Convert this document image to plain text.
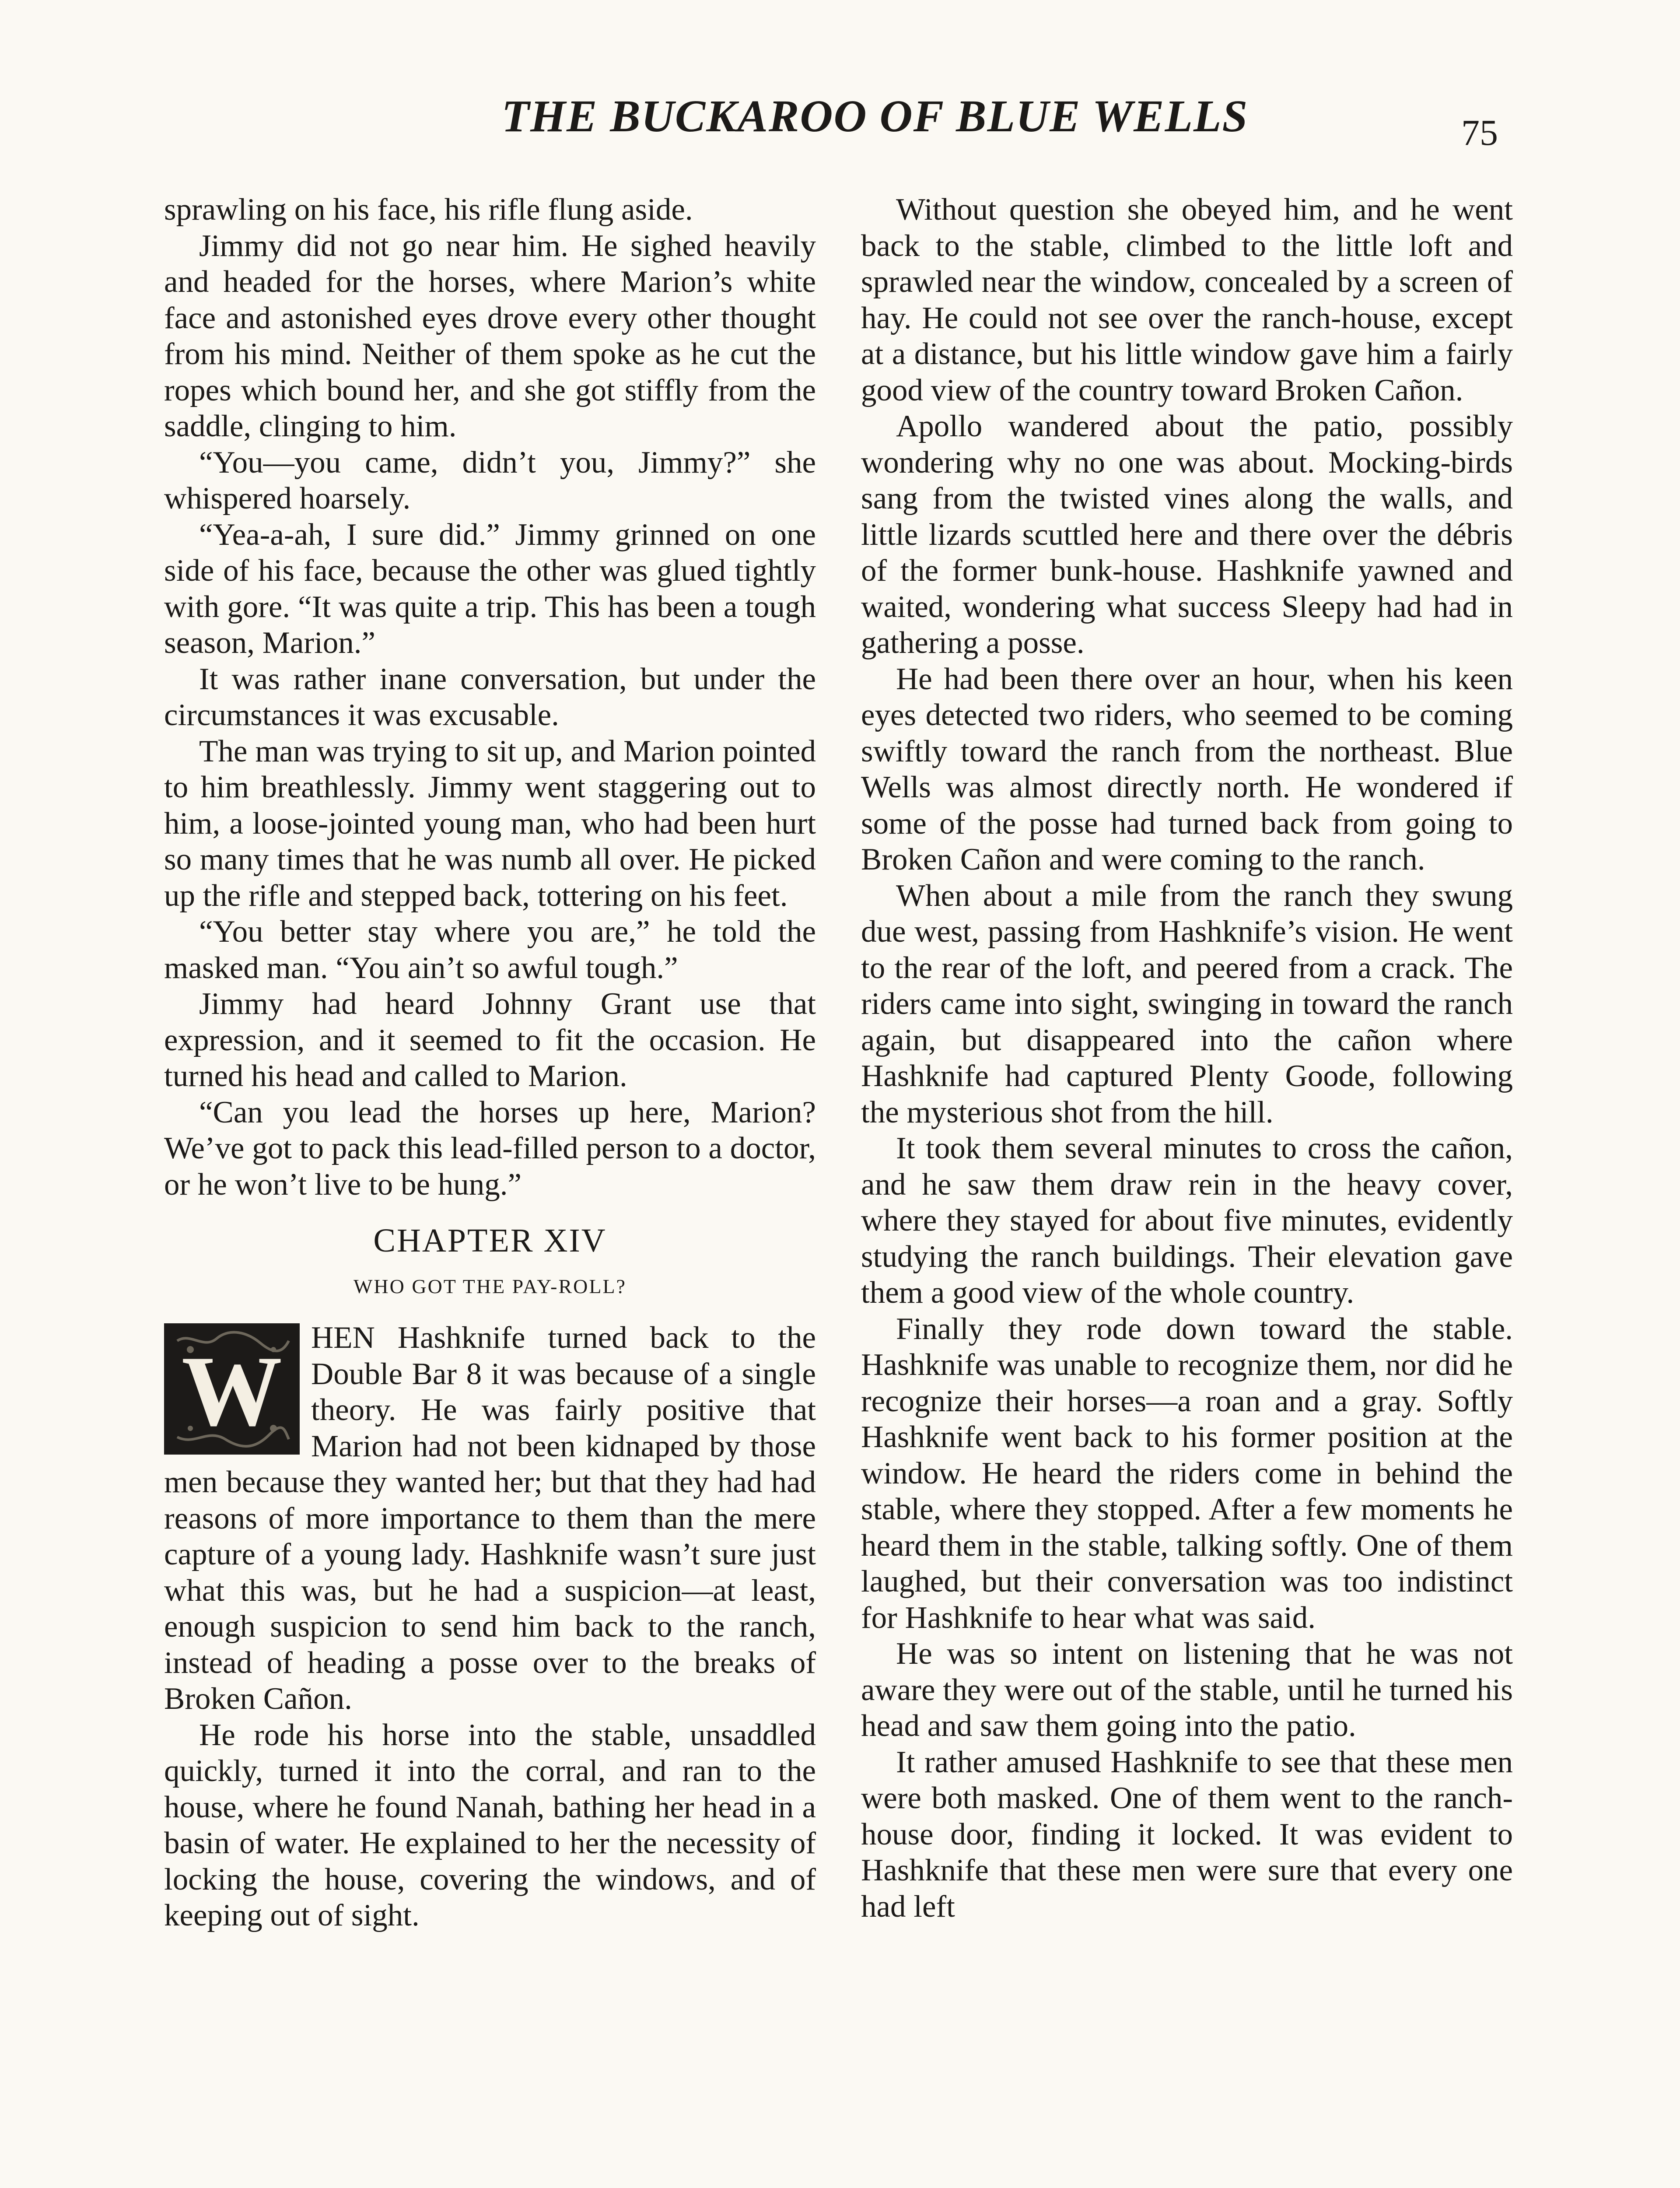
THE BUCKAROO OF BLUE WELLS	75

sprawling on his face, his rifle flung aside.

Jimmy did not go near him. He sighed heavily and headed for the horses, where Marion’s white face and astonished eyes drove every other thought from his mind. Neither of them spoke as he cut the ropes which bound her, and she got stiffly from the saddle, clinging to him.

“You—you came, didn’t you, Jimmy?” she whispered hoarsely.

“Yea-a-ah, I sure did.” Jimmy grinned on one side of his face, because the other was glued tightly with gore. “It was quite a trip. This has been a tough season, Marion.”

It was rather inane conversation, but under the circumstances it was excusable.

The man was trying to sit up, and Marion pointed to him breathlessly. Jimmy went staggering out to him, a loose-jointed young man, who had been hurt so many times that he was numb all over. He picked up the rifle and stepped back, tottering on his feet.

“You better stay where you are,” he told the masked man. “You ain’t so awful tough.”

Jimmy had heard Johnny Grant use that expression, and it seemed to fit the occasion. He turned his head and called to Marion.

“Can you lead the horses up here, Marion? We’ve got to pack this lead-filled person to a doctor, or he won’t live to be hung.”

CHAPTER XIV
WHO GOT THE PAY-ROLL?
W HEN Hashknife turned back to the Double Bar 8 it was because of a single theory. He was fairly positive that Marion had not been kidnaped by those men because they wanted her; but that they had had reasons of more importance to them than the mere capture of a young lady. Hashknife wasn’t sure just what this was, but he had a suspicion—at least, enough suspicion to send him back to the ranch, instead of heading a posse over to the breaks of Broken Cañon.

He rode his horse into the stable, unsaddled quickly, turned it into the corral, and ran to the house, where he found Nanah, bathing her head in a basin of water. He explained to her the necessity of locking the house, covering the windows, and of keeping out of sight.

Without question she obeyed him, and he went back to the stable, climbed to the little loft and sprawled near the window, concealed by a screen of hay. He could not see over the ranch-house, except at a distance, but his little window gave him a fairly good view of the country toward Broken Cañon.

Apollo wandered about the patio, possibly wondering why no one was about. Mocking-birds sang from the twisted vines along the walls, and little lizards scuttled here and there over the débris of the former bunk-house. Hashknife yawned and waited, wondering what success Sleepy had had in gathering a posse.

He had been there over an hour, when his keen eyes detected two riders, who seemed to be coming swiftly toward the ranch from the northeast. Blue Wells was almost directly north. He wondered if some of the posse had turned back from going to Broken Cañon and were coming to the ranch.

When about a mile from the ranch they swung due west, passing from Hashknife’s vision. He went to the rear of the loft, and peered from a crack. The riders came into sight, swinging in toward the ranch again, but disappeared into the cañon where Hashknife had captured Plenty Goode, following the mysterious shot from the hill.

It took them several minutes to cross the cañon, and he saw them draw rein in the heavy cover, where they stayed for about five minutes, evidently studying the ranch buildings. Their elevation gave them a good view of the whole country.

Finally they rode down toward the stable. Hashknife was unable to recognize them, nor did he recognize their horses—a roan and a gray. Softly Hashknife went back to his former position at the window. He heard the riders come in behind the stable, where they stopped. After a few moments he heard them in the stable, talking softly. One of them laughed, but their conversation was too indistinct for Hashknife to hear what was said.

He was so intent on listening that he was not aware they were out of the stable, until he turned his head and saw them going into the patio.

It rather amused Hashknife to see that these men were both masked. One of them went to the ranch-house door, finding it locked. It was evident to Hashknife that these men were sure that every one had left
